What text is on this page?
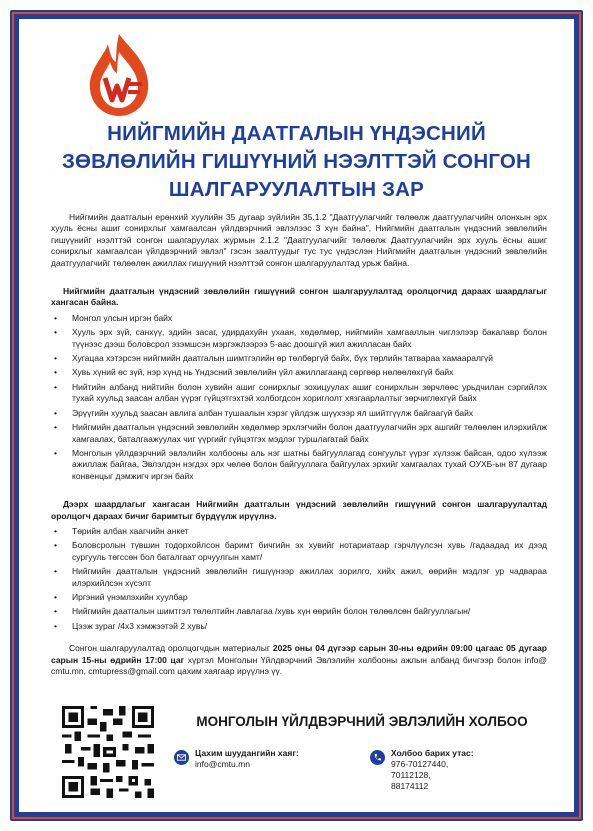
НИЙГМИЙН ДААТГАЛЫН ҮНДЭСНИЙ
ЗӨВЛӨЛИЙН ГИШҮҮНИЙ НЭЭЛТТЭЙ СОНГОН
ШАЛГАРУУЛАЛТЫН ЗАР

Нийгмийн даатгалын ерөнхий хуулийн 35 дугаар зүйлийн 35.1.2 "Даатгуулагчийг төлөөлж даатгуулагчийн олонхын эрх хууль ёсны ашиг сонирхлыг хамгаалсан үйлдвэрчний эвлэлээс 3 хүн байна", Нийгмийн даатгалын үндэсний зөвлөлийн гишүүнийг нээлттэй сонгон шалгаруулах журмын 2.1.2 "Даатгуулагчийг төлөөлж Даатгуулагчийн эрх хууль ёсны ашиг сонирхлыг хамгаалсан үйлдвэрчний эвлэл" гэсэн заалтуудыг тус тус үндэслэн Нийгмийн даатгалын үндэсний зөвлөлийн даатгуулагчийг төлөөлөн ажиллах гишүүний нээлттэй сонгон шалгаруулалтад урьж байна.

Нийгмийн даатгалын үндэсний зөвлөлийн гишүүний сонгон шалгаруулалтад оролцогчид дараах шаардлагыг хангасан байна.

• Монгол улсын иргэн байх
• Хууль эрх зүй, санхүү, эдийн засаг, удирдахуйн ухаан, хөдөлмөр, нийгмийн хамгааллын чиглэлээр бакалавр болон түүнээс дээш боловсрол эзэмшсэн мэргэжлээрээ 5-аас доошгүй жил ажилласан байх
• Хугацаа хэтэрсэн нийгмийн даатгалын шимтгэлийн өр төлбөргүй байх, бүх төрлийн татвараа хамааралгүй
• Хувь хүний өс зүй, нэр хүнд нь Үндэсний зөвлөлийн үйл ажиллагаанд сөргөөр нөлөөлөхгүй байх
• Нийтийн албанд нийтийн болон хувийн ашиг сонирхлыг зохицуулах ашиг сонирхлын зөрчлөөс урьдчилан сэргийлэх тухай хуульд заасан албан үүрэг гүйцэтгэхтэй холбогдсон хориглолт хязгаарлалтыг зөрчиглөхгүй байх
• Эрүүгийн хуульд заасан авлига албан тушаалын хэрэг үйлдэж шүүхээр ял шийтгүүлж байгаагүй байх
• Нийгмийн даатгалын үндэсний зөвлөлийн хөдөлмөр эрхлэгчийн болон даатгуулагчийн эрх ашгийг төлөөлөн илэрхийлж хамгаалах, баталгаажуулах чиг үүргийг гүйцэтгэх мэдлэг туршлагатай байх
• Монголын үйлдвэрчний эвлэлийн холбооны аль нэг шатны байгууллагад сонгуульт үүрэг хүлээж байсан, одоо хүлээж ажиллаж байгаа, Эвлэлдэн нэгдэх эрх чөлөө болон байгууллага байгуулах эрхийг хамгаалах тухай ОУХБ-ын 87 дугаар конвенцыг дэмжигч иргэн байх

Дээрх шаардлагыг хангасан Нийгмийн даатгалын үндэсний зөвлөлийн гишүүний сонгон шалгаруулалтад оролцогч дараах бичиг баримтыг бүрдүүлж ирүүлнэ.

• Төрийн албан хаагчийн анкет
• Боловсролын түвшин тодорхойлсон баримт бичгийн эх хувийг нотариатаар гэрчлүүлсэн хувь /гадаадад их дээд сургууль төгссөн бол баталгаат орчуулгын хамт/
• Нийгмийн даатгалын үндэсний зөвлөлийн гишүүнээр ажиллах зорилго, хийх ажил, өөрийн мэдлэг ур чадвараа илэрхийлсэн хүсэлт
• Иргэний үнэмлэхийн хуулбар
• Нийгмийн даатгалын шимтгэл төлөлтийн лавлагаа /хувь хүн өөрийн болон төлөөлсөн байгууллагын/
• Цээж зураг /4х3 хэмжээтэй 2 хувь/

Сонгон шалгаруулалтад оролцогчдын материалыг 2025 оны 04 дүгээр сарын 30-ны өдрийн 09:00 цагаас 05 дугаар сарын 15-ны өдрийн 17:00 цаг хүртэл Монголын Үйлдвэрчний Эвлэлийн холбооны ажлын албанд бичгээр болон info@ cmtu.mn, cmtupress@gmail.com цахим хаягаар ирүүлнэ үү.

МОНГОЛЫН ҮЙЛДВЭРЧНИЙ ЭВЛЭЛИЙН ХОЛБОО
Цахим шуудангийн хаяг:
info@cmtu.mn
Холбоо барих утас:
976-70127440,
70112128,
88174112
